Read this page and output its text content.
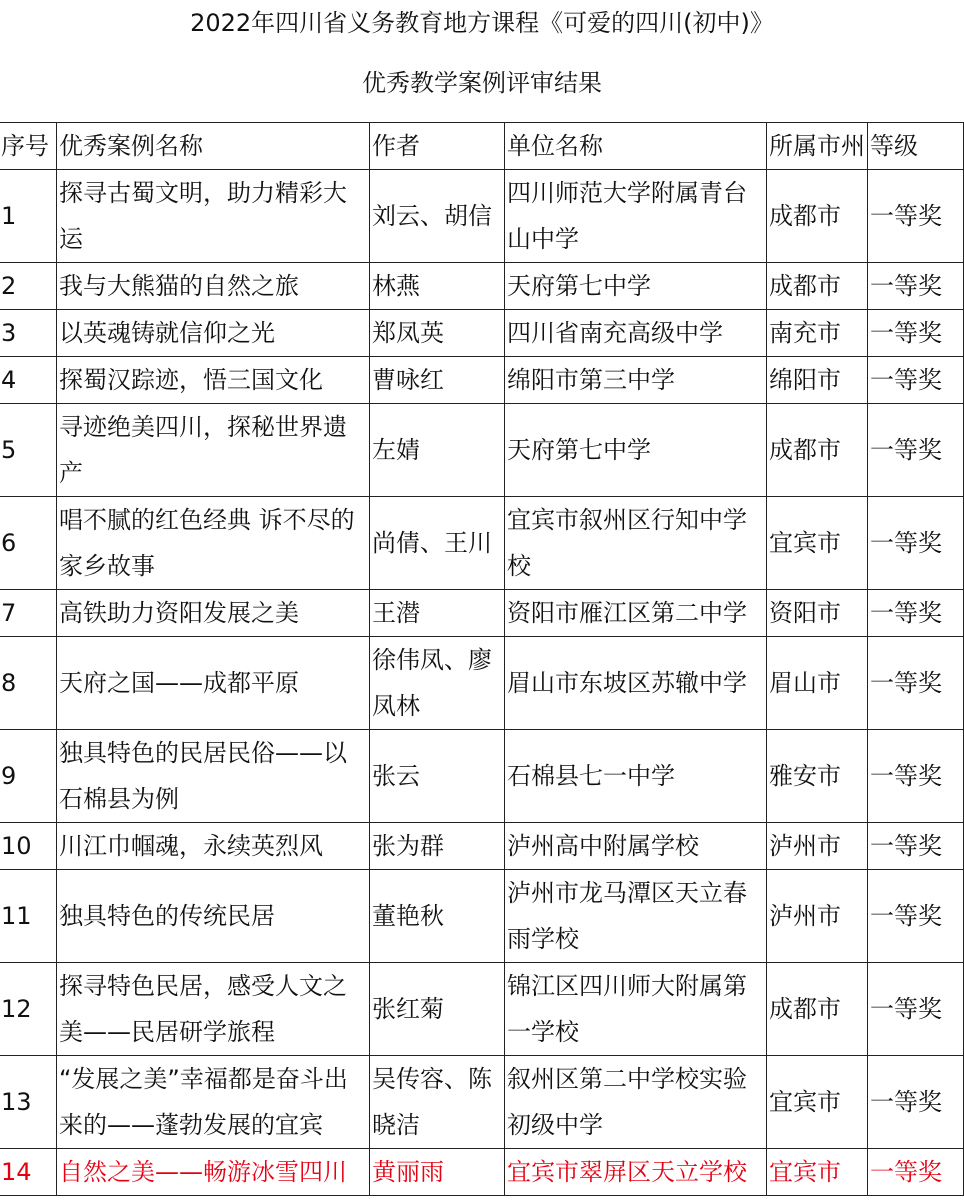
2022年四川省义务教育地方课程《可爱的四川(初中)》
优秀教学案例评审结果
序号	优秀案例名称	作者	单位名称	所属市州	等级
1	探寻古蜀文明，助力精彩大运	刘云、胡信	四川师范大学附属青台山中学	成都市	一等奖
2	我与大熊猫的自然之旅	林燕	天府第七中学	成都市	一等奖
3	以英魂铸就信仰之光	郑凤英	四川省南充高级中学	南充市	一等奖
4	探蜀汉踪迹，悟三国文化	曹咏红	绵阳市第三中学	绵阳市	一等奖
5	寻迹绝美四川，探秘世界遗产	左婧	天府第七中学	成都市	一等奖
6	唱不腻的红色经典 诉不尽的家乡故事	尚倩、王川	宜宾市叙州区行知中学校	宜宾市	一等奖
7	高铁助力资阳发展之美	王潜	资阳市雁江区第二中学	资阳市	一等奖
8	天府之国——成都平原	徐伟凤、廖凤林	眉山市东坡区苏辙中学	眉山市	一等奖
9	独具特色的民居民俗——以石棉县为例	张云	石棉县七一中学	雅安市	一等奖
10	川江巾帼魂，永续英烈风	张为群	泸州高中附属学校	泸州市	一等奖
11	独具特色的传统民居	董艳秋	泸州市龙马潭区天立春雨学校	泸州市	一等奖
12	探寻特色民居，感受人文之美——民居研学旅程	张红菊	锦江区四川师大附属第一学校	成都市	一等奖
13	“发展之美”幸福都是奋斗出来的——蓬勃发展的宜宾	吴传容、陈晓洁	叙州区第二中学校实验初级中学	宜宾市	一等奖
14	自然之美——畅游冰雪四川	黄丽雨	宜宾市翠屏区天立学校	宜宾市	一等奖
